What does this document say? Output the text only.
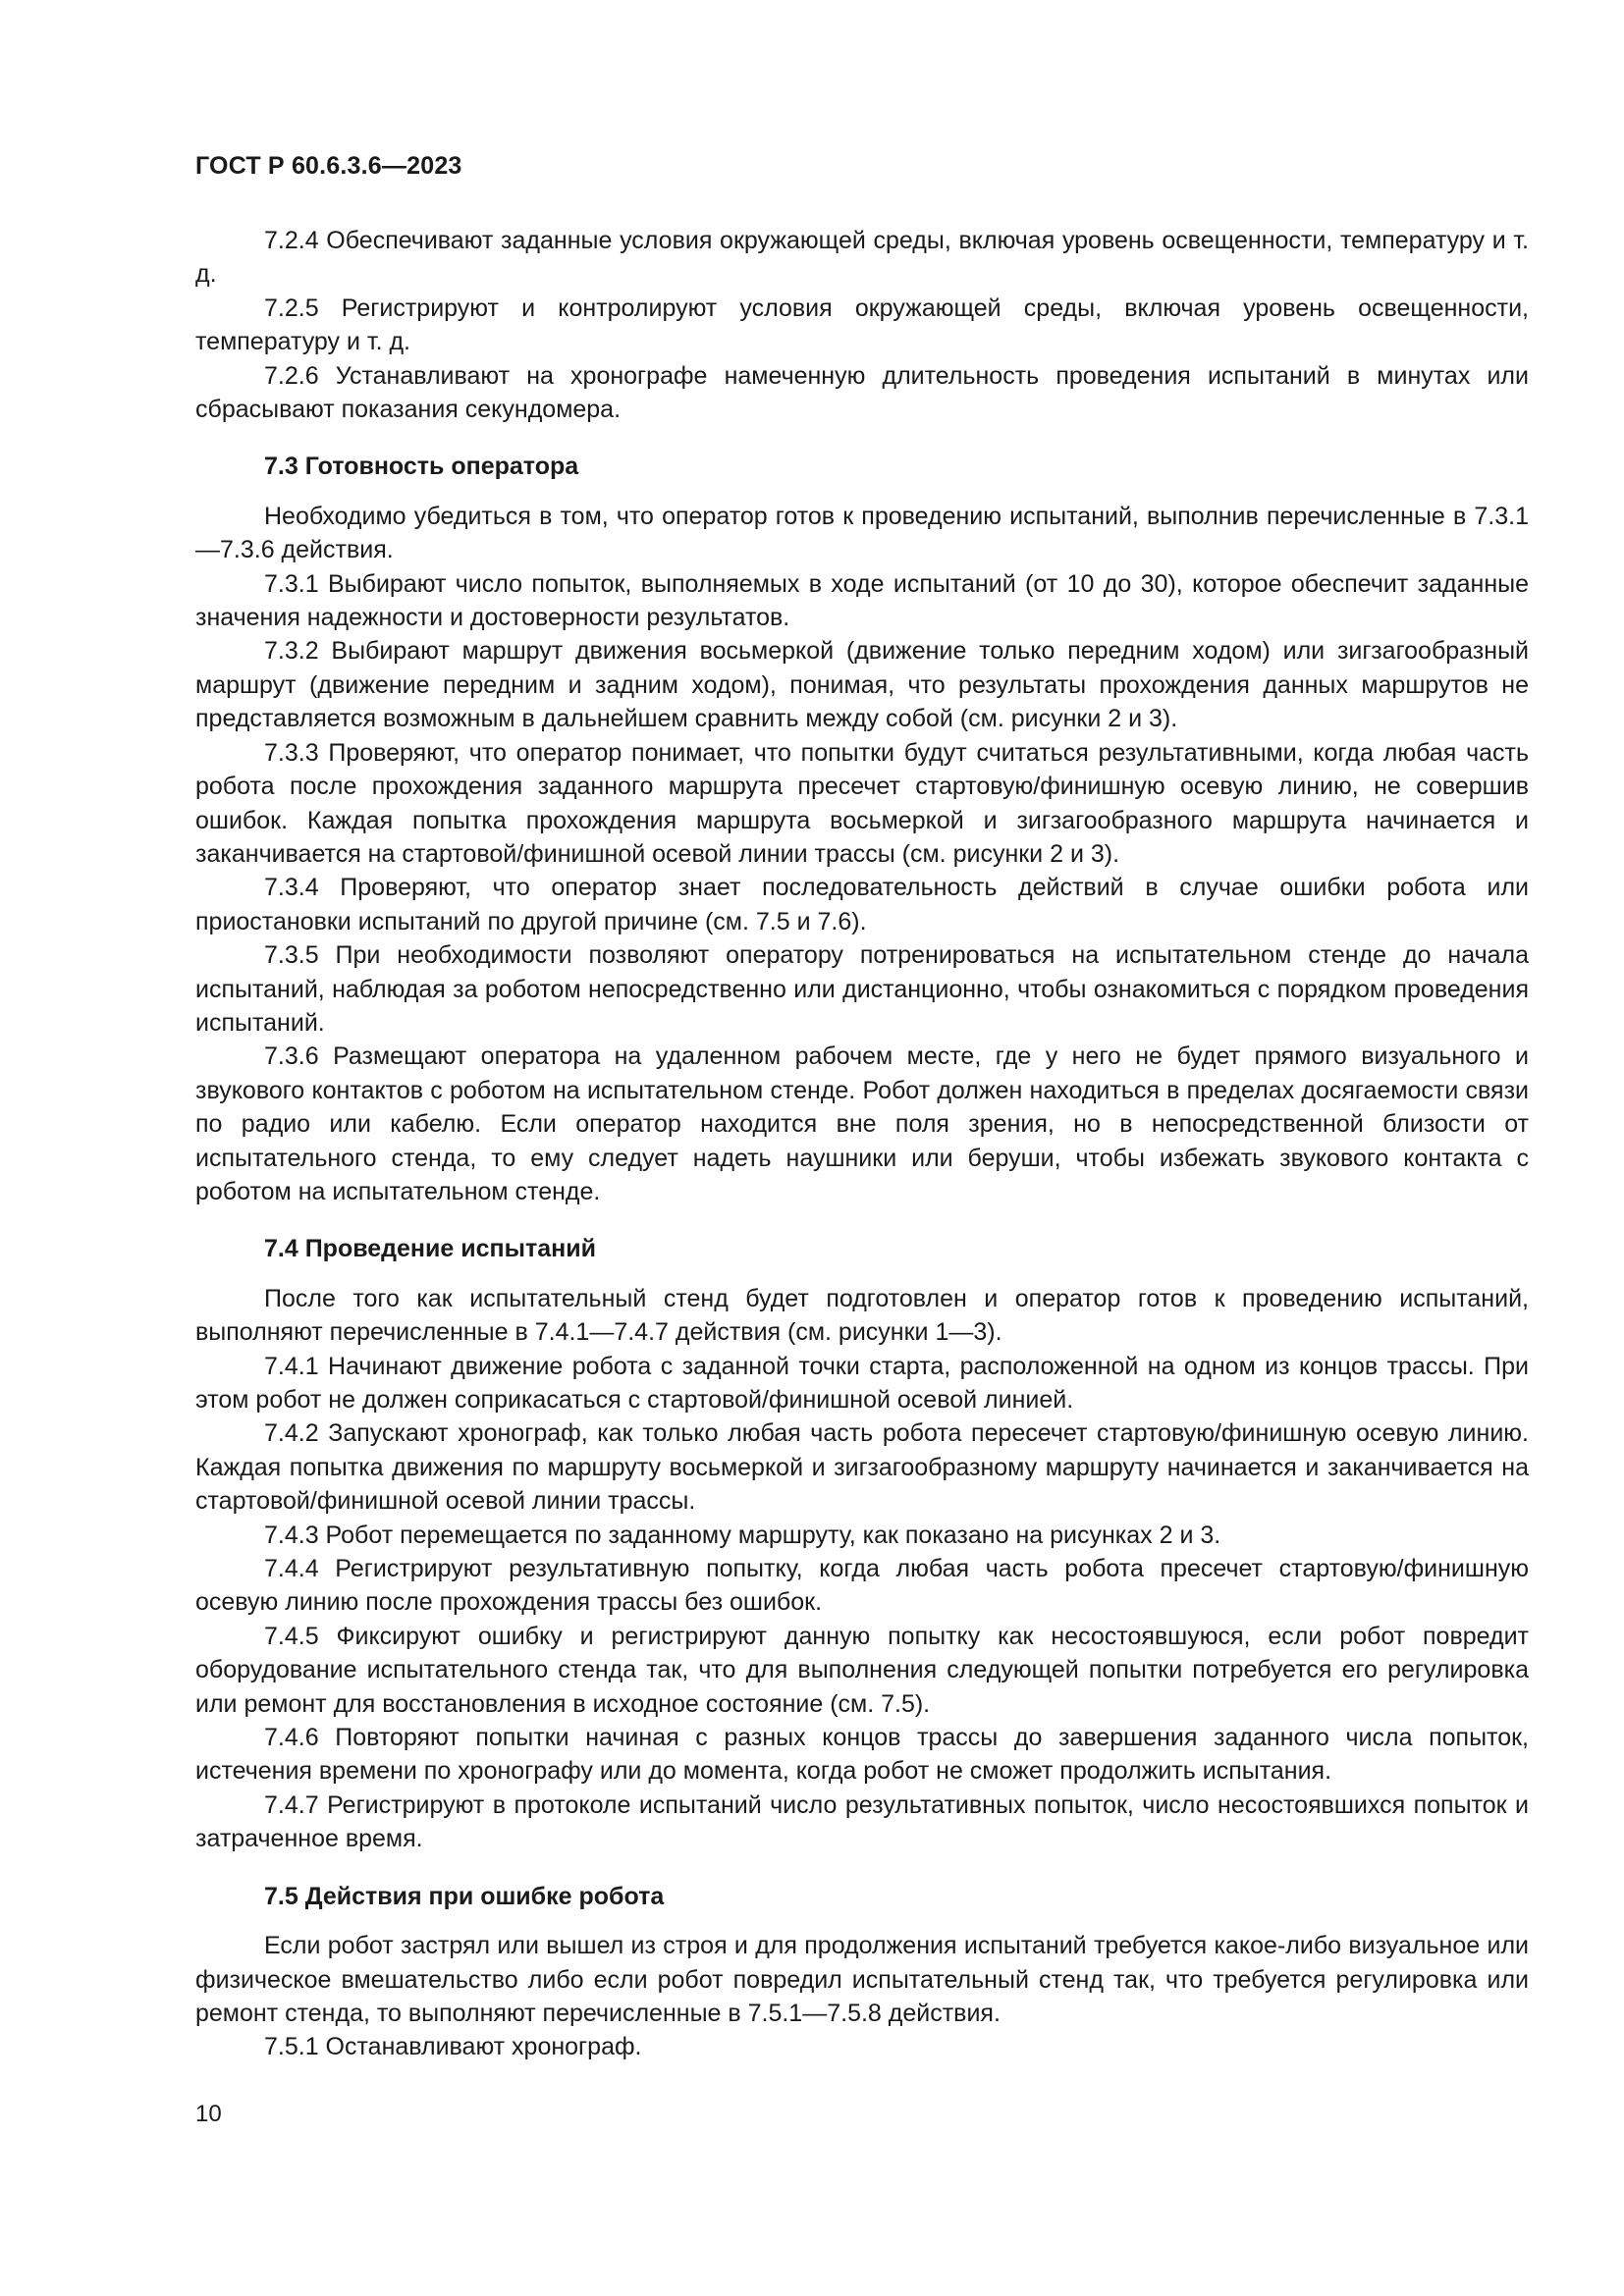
ГОСТ Р 60.6.3.6—2023

7.2.4 Обеспечивают заданные условия окружающей среды, включая уровень освещенности, температуру и т. д.

7.2.5 Регистрируют и контролируют условия окружающей среды, включая уровень освещенности, температуру и т. д.

7.2.6 Устанавливают на хронографе намеченную длительность проведения испытаний в минутах или сбрасывают показания секундомера.

7.3 Готовность оператора

Необходимо убедиться в том, что оператор готов к проведению испытаний, выполнив перечисленные в 7.3.1—7.3.6 действия.

7.3.1 Выбирают число попыток, выполняемых в ходе испытаний (от 10 до 30), которое обеспечит заданные значения надежности и достоверности результатов.

7.3.2 Выбирают маршрут движения восьмеркой (движение только передним ходом) или зигзагообразный маршрут (движение передним и задним ходом), понимая, что результаты прохождения данных маршрутов не представляется возможным в дальнейшем сравнить между собой (см. рисунки 2 и 3).

7.3.3 Проверяют, что оператор понимает, что попытки будут считаться результативными, когда любая часть робота после прохождения заданного маршрута пресечет стартовую/финишную осевую линию, не совершив ошибок. Каждая попытка прохождения маршрута восьмеркой и зигзагообразного маршрута начинается и заканчивается на стартовой/финишной осевой линии трассы (см. рисунки 2 и 3).

7.3.4 Проверяют, что оператор знает последовательность действий в случае ошибки робота или приостановки испытаний по другой причине (см. 7.5 и 7.6).

7.3.5 При необходимости позволяют оператору потренироваться на испытательном стенде до начала испытаний, наблюдая за роботом непосредственно или дистанционно, чтобы ознакомиться с порядком проведения испытаний.

7.3.6 Размещают оператора на удаленном рабочем месте, где у него не будет прямого визуального и звукового контактов с роботом на испытательном стенде. Робот должен находиться в пределах досягаемости связи по радио или кабелю. Если оператор находится вне поля зрения, но в непосредственной близости от испытательного стенда, то ему следует надеть наушники или беруши, чтобы избежать звукового контакта с роботом на испытательном стенде.

7.4 Проведение испытаний

После того как испытательный стенд будет подготовлен и оператор готов к проведению испытаний, выполняют перечисленные в 7.4.1—7.4.7 действия (см. рисунки 1—3).

7.4.1 Начинают движение робота с заданной точки старта, расположенной на одном из концов трассы. При этом робот не должен соприкасаться с стартовой/финишной осевой линией.

7.4.2 Запускают хронограф, как только любая часть робота пересечет стартовую/финишную осевую линию. Каждая попытка движения по маршруту восьмеркой и зигзагообразному маршруту начинается и заканчивается на стартовой/финишной осевой линии трассы.

7.4.3 Робот перемещается по заданному маршруту, как показано на рисунках 2 и 3.

7.4.4 Регистрируют результативную попытку, когда любая часть робота пресечет стартовую/финишную осевую линию после прохождения трассы без ошибок.

7.4.5 Фиксируют ошибку и регистрируют данную попытку как несостоявшуюся, если робот повредит оборудование испытательного стенда так, что для выполнения следующей попытки потребуется его регулировка или ремонт для восстановления в исходное состояние (см. 7.5).

7.4.6 Повторяют попытки начиная с разных концов трассы до завершения заданного числа попыток, истечения времени по хронографу или до момента, когда робот не сможет продолжить испытания.

7.4.7 Регистрируют в протоколе испытаний число результативных попыток, число несостоявшихся попыток и затраченное время.

7.5 Действия при ошибке робота

Если робот застрял или вышел из строя и для продолжения испытаний требуется какое-либо визуальное или физическое вмешательство либо если робот повредил испытательный стенд так, что требуется регулировка или ремонт стенда, то выполняют перечисленные в 7.5.1—7.5.8 действия.

7.5.1 Останавливают хронограф.

10
